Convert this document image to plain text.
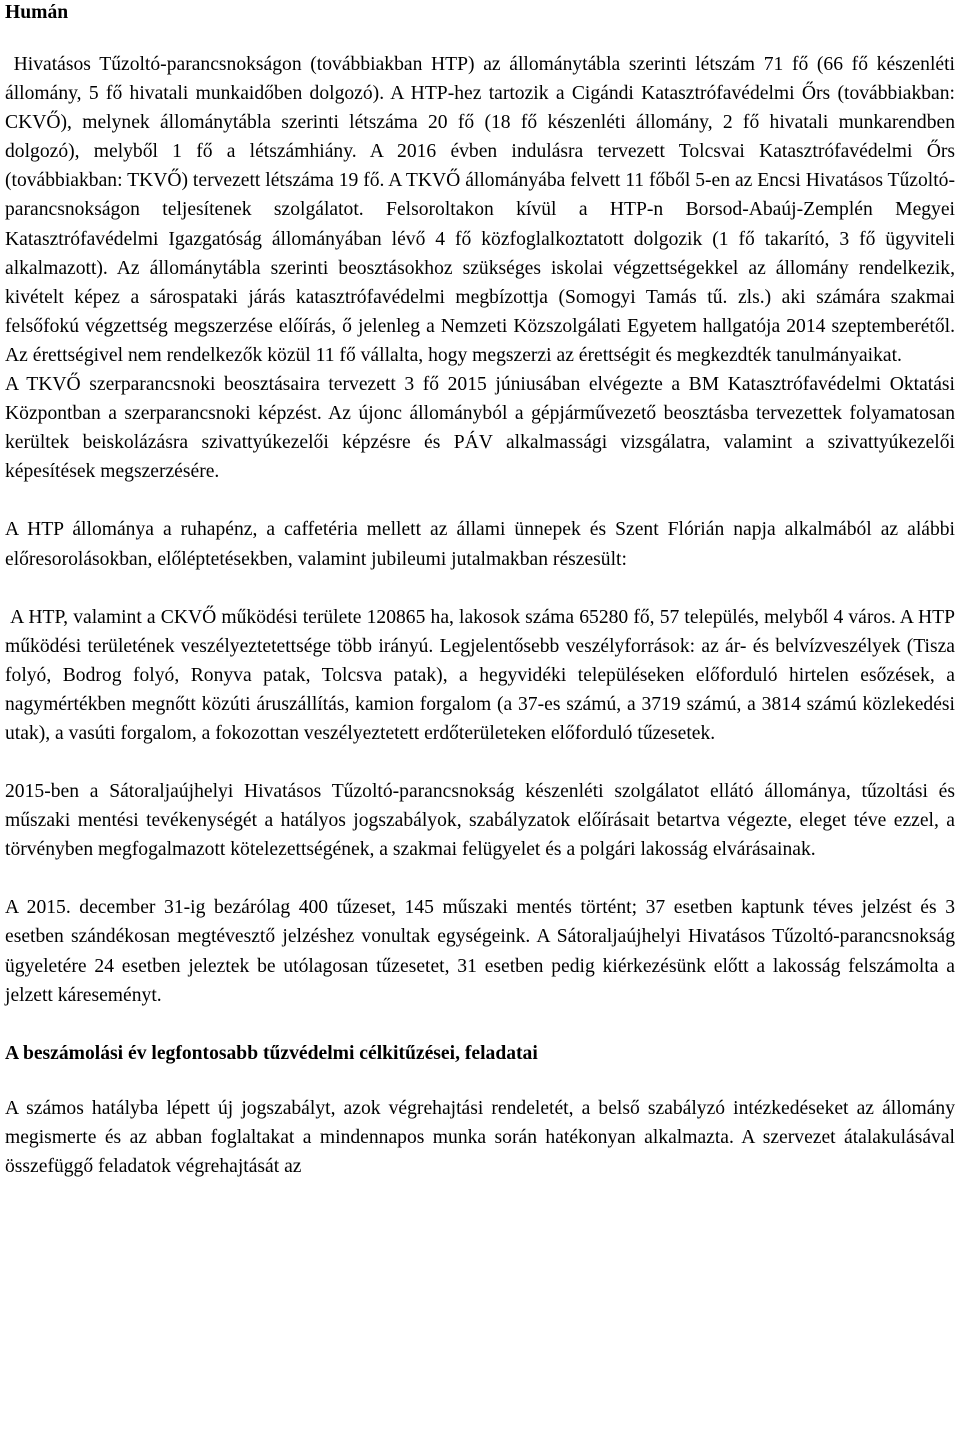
Humán

Hivatásos Tűzoltó-parancsnokságon (továbbiakban HTP) az állománytábla szerinti létszám 71 fő (66 fő készenléti állomány, 5 fő hivatali munkaidőben dolgozó). A HTP-hez tartozik a Cigándi Katasztrófavédelmi Őrs (továbbiakban: CKVŐ), melynek állománytábla szerinti létszáma 20 fő (18 fő készenléti állomány, 2 fő hivatali munkarendben dolgozó), melyből 1 fő a létszámhiány. A 2016 évben indulásra tervezett Tolcsvai Katasztrófavédelmi Őrs (továbbiakban: TKVŐ) tervezett létszáma 19 fő. A TKVŐ állományába felvett 11 főből 5-en az Encsi Hivatásos Tűzoltó-parancsnokságon teljesítenek szolgálatot. Felsoroltakon kívül a HTP-n Borsod-Abaúj-Zemplén Megyei Katasztrófavédelmi Igazgatóság állományában lévő 4 fő közfoglalkoztatott dolgozik (1 fő takarító, 3 fő ügyviteli alkalmazott). Az állománytábla szerinti beosztásokhoz szükséges iskolai végzettségekkel az állomány rendelkezik, kivételt képez a sárospataki járás katasztrófavédelmi megbízottja (Somogyi Tamás tű. zls.) aki számára szakmai felsőfokú végzettség megszerzése előírás, ő jelenleg a Nemzeti Közszolgálati Egyetem hallgatója 2014 szeptemberétől. Az érettségivel nem rendelkezők közül 11 fő vállalta, hogy megszerzi az érettségit és megkezdték tanulmányaikat.

A TKVŐ szerparancsnoki beosztásaira tervezett 3 fő 2015 júniusában elvégezte a BM Katasztrófavédelmi Oktatási Központban a szerparancsnoki képzést. Az újonc állományból a gépjárművezető beosztásba tervezettek folyamatosan kerültek beiskolázásra szivattyúkezelői képzésre és PÁV alkalmassági vizsgálatra, valamint a szivattyúkezelői képesítések megszerzésére.

A HTP állománya a ruhapénz, a caffetéria mellett az állami ünnepek és Szent Flórián napja alkalmából az alábbi előresorolásokban, előléptetésekben, valamint jubileumi jutalmakban részesült:

A HTP, valamint a CKVŐ működési területe 120865 ha, lakosok száma 65280 fő, 57 település, melyből 4 város. A HTP működési területének veszélyeztetettsége több irányú. Legjelentősebb veszélyforrások: az ár- és belvízveszélyek (Tisza folyó, Bodrog folyó, Ronyva patak, Tolcsva patak), a hegyvidéki településeken előforduló hirtelen esőzések, a nagymértékben megnőtt közúti áruszállítás, kamion forgalom (a 37-es számú, a 3719 számú, a 3814 számú közlekedési utak), a vasúti forgalom, a fokozottan veszélyeztetett erdőterületeken előforduló tűzesetek.

2015-ben a Sátoraljaújhelyi Hivatásos Tűzoltó-parancsnokság készenléti szolgálatot ellátó állománya, tűzoltási és műszaki mentési tevékenységét a hatályos jogszabályok, szabályzatok előírásait betartva végezte, eleget téve ezzel, a törvényben megfogalmazott kötelezettségének, a szakmai felügyelet és a polgári lakosság elvárásainak.

A 2015. december 31-ig bezárólag 400 tűzeset, 145 műszaki mentés történt; 37 esetben kaptunk téves jelzést és 3 esetben szándékosan megtévesztő jelzéshez vonultak egységeink. A Sátoraljaújhelyi Hivatásos Tűzoltó-parancsnokság ügyeletére 24 esetben jeleztek be utólagosan tűzesetet, 31 esetben pedig kiérkezésünk előtt a lakosság felszámolta a jelzett káreseményt.

A beszámolási év legfontosabb tűzvédelmi célkitűzései, feladatai

A számos hatályba lépett új jogszabályt, azok végrehajtási rendeletét, a belső szabályzó intézkedéseket az állomány megismerte és az abban foglaltakat a mindennapos munka során hatékonyan alkalmazta. A szervezet átalakulásával összefüggő feladatok végrehajtását az
